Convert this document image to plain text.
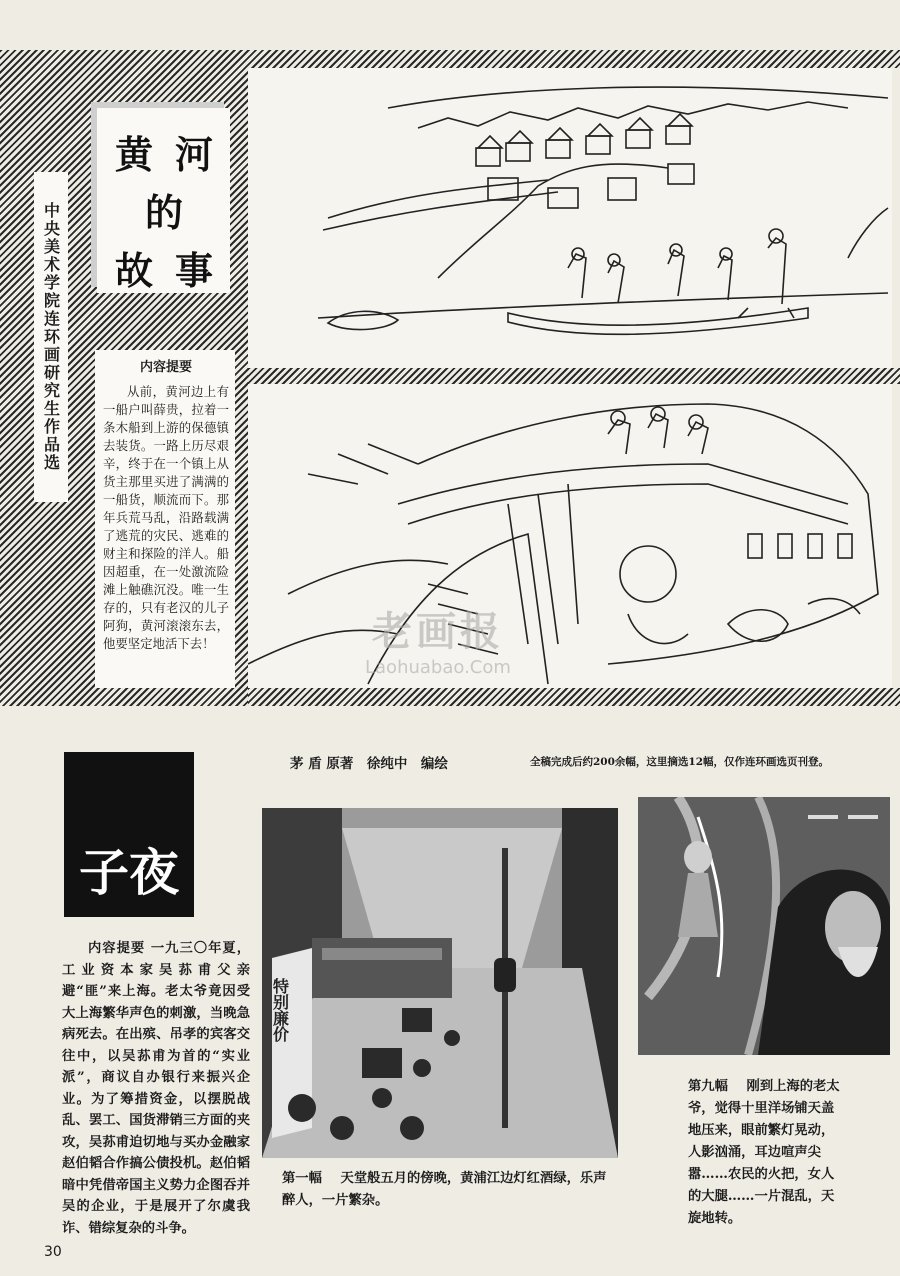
黄 河
的
故 事
中央美术学院连环画研究生作品选	内容提要
从前，黄河边上有一船户叫薛贵，拉着一条木船到上游的保德镇去装货。一路上历尽艰辛，终于在一个镇上从货主那里买进了满满的一船货，顺流而下。那年兵荒马乱，沿路载满了逃荒的灾民、逃难的财主和探险的洋人。船因超重，在一处激流险滩上触礁沉没。唯一生存的，只有老汉的儿子阿狗，黄河滚滚东去，他要坚定地活下去！	老画报
Laohuabao.Com
子夜
茅 盾 原著　徐纯中　编绘	全稿完成后约200余幅，这里摘选12幅，仅作连环画选页刊登。
内容提要 一九三〇年夏，工业资本家吴荪甫父亲避“匪”来上海。老太爷竟因受大上海繁华声色的刺激，当晚急病死去。在出殡、吊孝的宾客交往中，以吴荪甫为首的“实业派”，商议自办银行来振兴企业。为了筹措资金，以摆脱战乱、罢工、国货滞销三方面的夹攻，吴荪甫迫切地与买办金融家赵伯韬合作搞公债投机。赵伯韬暗中凭借帝国主义势力企图吞并吴的企业，于是展开了尔虞我诈、错综复杂的斗争。
特别廉价
第一幅 天堂般五月的傍晚，黄浦江边灯红酒绿，乐声醉人，一片繁杂。
第九幅 刚到上海的老太爷，觉得十里洋场铺天盖地压来，眼前繁灯晃动，人影汹涌，耳边喧声尖嚣……农民的火把，女人的大腿……一片混乱，天旋地转。
30
